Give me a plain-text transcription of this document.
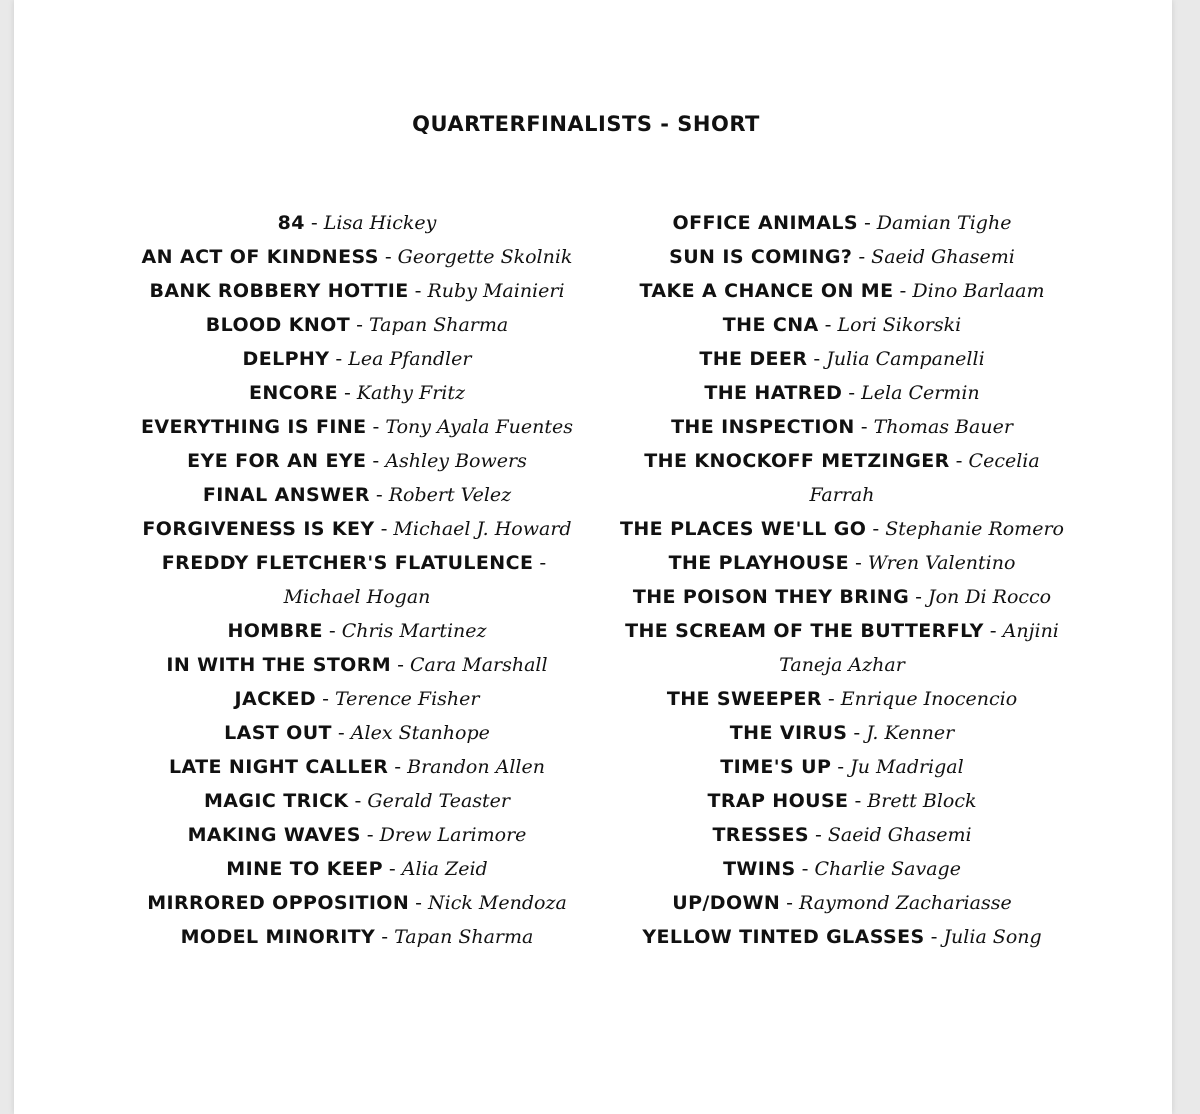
QUARTERFINALISTS - SHORT
84 - Lisa Hickey
AN ACT OF KINDNESS - Georgette Skolnik
BANK ROBBERY HOTTIE - Ruby Mainieri
BLOOD KNOT - Tapan Sharma
DELPHY - Lea Pfandler
ENCORE - Kathy Fritz
EVERYTHING IS FINE - Tony Ayala Fuentes
EYE FOR AN EYE - Ashley Bowers
FINAL ANSWER - Robert Velez
FORGIVENESS IS KEY - Michael J. Howard
FREDDY FLETCHER'S FLATULENCE -Michael Hogan
HOMBRE - Chris Martinez
IN WITH THE STORM - Cara Marshall
JACKED - Terence Fisher
LAST OUT - Alex Stanhope
LATE NIGHT CALLER - Brandon Allen
MAGIC TRICK - Gerald Teaster
MAKING WAVES - Drew Larimore
MINE TO KEEP - Alia Zeid
MIRRORED OPPOSITION - Nick Mendoza
MODEL MINORITY - Tapan Sharma
OFFICE ANIMALS - Damian Tighe
SUN IS COMING? - Saeid Ghasemi
TAKE A CHANCE ON ME - Dino Barlaam
THE CNA - Lori Sikorski
THE DEER - Julia Campanelli
THE HATRED - Lela Cermin
THE INSPECTION - Thomas Bauer
THE KNOCKOFF METZINGER - Cecelia Farrah
THE PLACES WE'LL GO - Stephanie Romero
THE PLAYHOUSE - Wren Valentino
THE POISON THEY BRING - Jon Di Rocco
THE SCREAM OF THE BUTTERFLY - Anjini Taneja Azhar
THE SWEEPER - Enrique Inocencio
THE VIRUS - J. Kenner
TIME'S UP - Ju Madrigal
TRAP HOUSE - Brett Block
TRESSES - Saeid Ghasemi
TWINS - Charlie Savage
UP/DOWN - Raymond Zachariasse
YELLOW TINTED GLASSES - Julia Song
